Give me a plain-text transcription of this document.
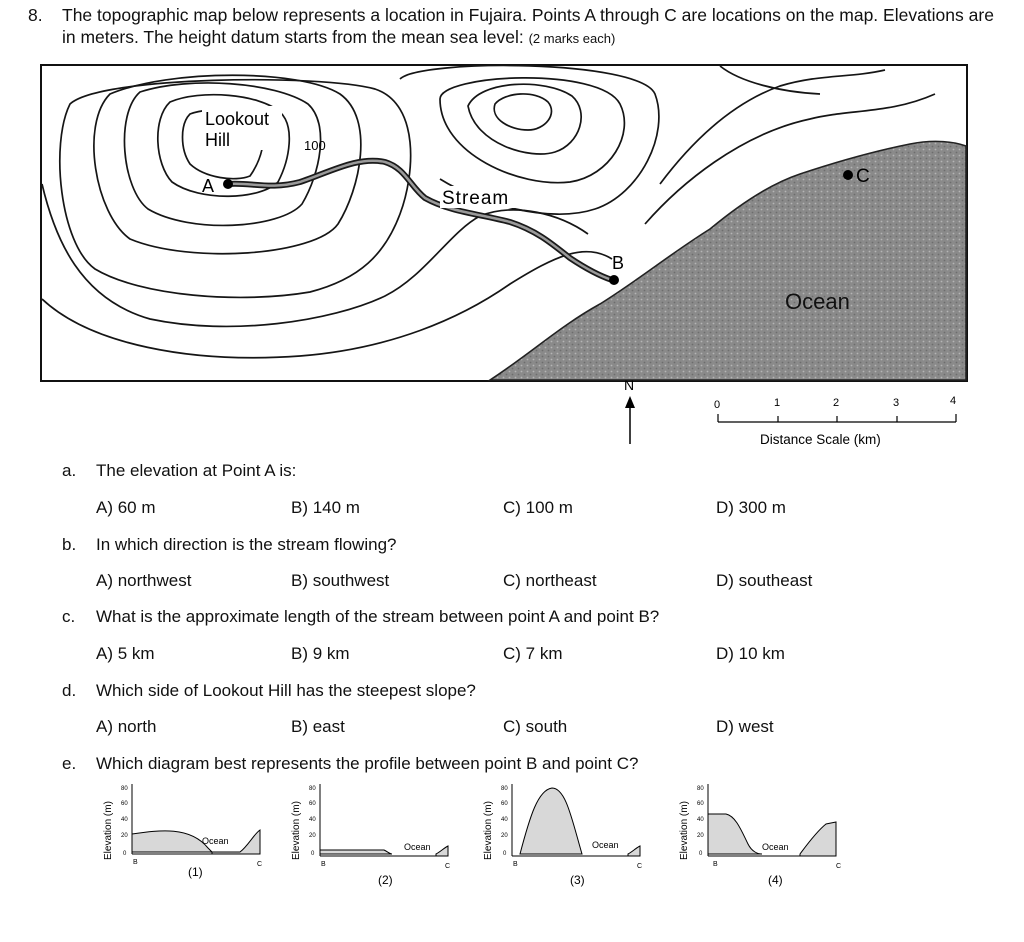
8. The topographic map below represents a location in Fujaira. Points A through C are locations on the map. Elevations are in meters. The height datum starts from the mean sea level: (2 marks each)
Lookout
Hill	100
A
Stream
B
C
Ocean
N
0	1	2	3	4
Distance Scale (km)
a. The elevation at Point A is:
A) 60 m	B) 140 m	C) 100 m	D) 300 m
b. In which direction is the stream flowing?
A) northwest	B) southwest	C) northeast	D) southeast
c. What is the approximate length of the stream between point A and point B?
A) 5 km	B) 9 km	C) 7 km	D) 10 km
d. Which side of Lookout Hill has the steepest slope?
A) north	B) east	C) south	D) west
e. Which diagram best represents the profile between point B and point C?
Elevation (m)
80
60
40
20
0
Ocean
B	C
(1)
Elevation (m)
80
60
40
20
0
Ocean
B	C
(2)
Elevation (m)
80
60
40
20
0
Ocean
B	C
(3)
Elevation (m)
80
60
40
20
0
Ocean
B	C
(4)
